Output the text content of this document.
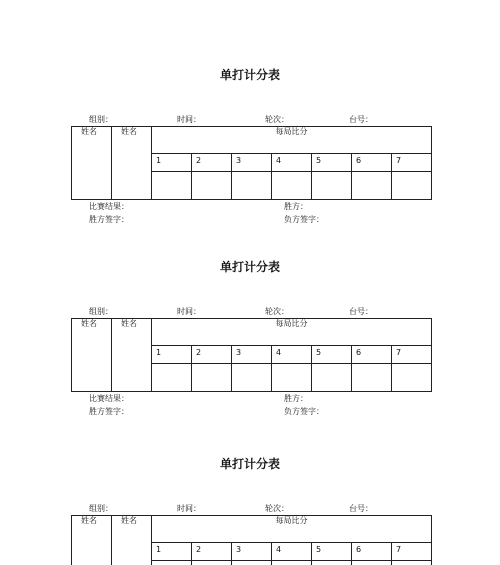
单打计分表
组别：	时间：	轮次：	台号：
姓名	姓名	每局比分						
		1	2	3	4	5	6	7

比赛结果：	胜方：
胜方签字：	负方签字：
单打计分表
组别：	时间：	轮次：	台号：
姓名	姓名	每局比分						
		1	2	3	4	5	6	7

比赛结果：	胜方：
胜方签字：	负方签字：
单打计分表
组别：	时间：	轮次：	台号：
姓名	姓名	每局比分						
		1	2	3	4	5	6	7
